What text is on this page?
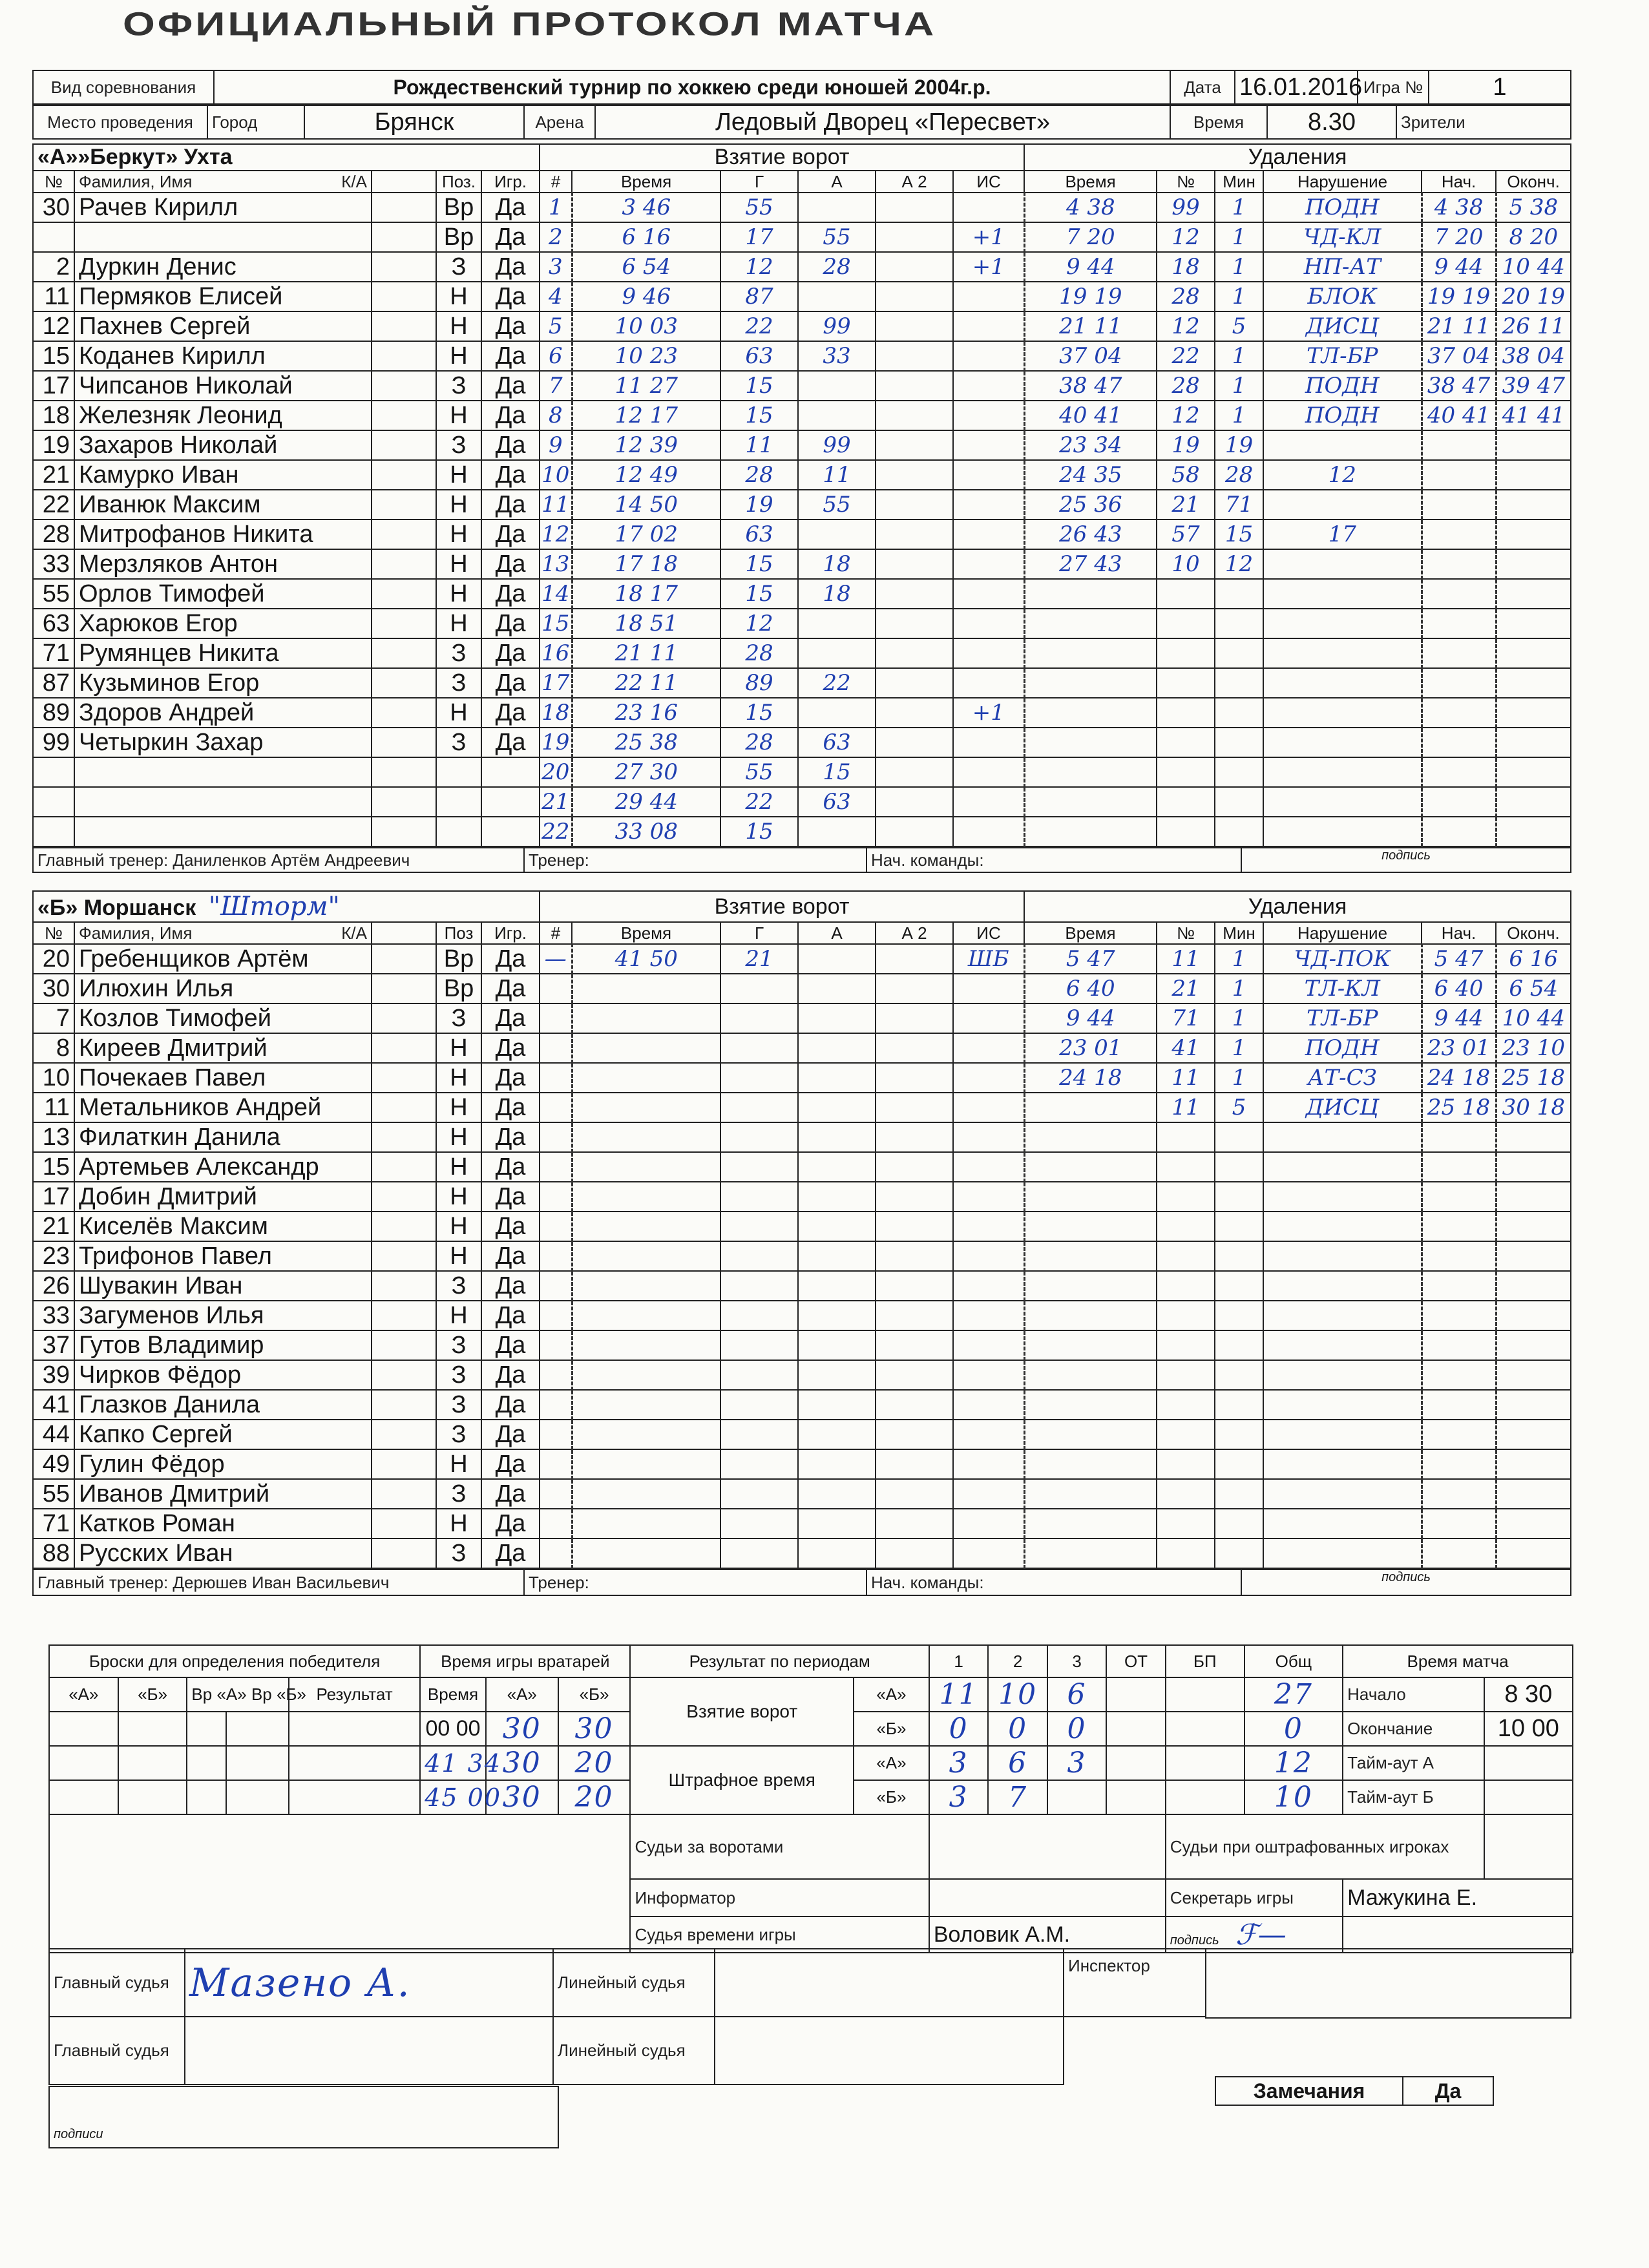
ОФИЦИАЛЬНЫЙ ПРОТОКОЛ МАТЧА
Вид соревнования	Рождественский турнир по хоккею среди юношей 2004г.р.	Дата	16.01.2016	Игра №	1
Место проведения	Город	Брянск	Арена	Ледовый Дворец «Пересвет»	Время	8.30	Зрители
«А»»Беркут» Ухта					Взятие ворот						Удаления					
№	Фамилия, Имя К/А		Поз.	Игр.	#	Время	Г	А	А 2	ИС	Время	№	Мин	Нарушение	Нач.	Оконч.
30	Рачев Кирилл		Вр	Да	1	3 46	55				4 38	99	1	ПОДН	4 38	5 38
			Вр	Да	2	6 16	17	55		+1	7 20	12	1	ЧД-КЛ	7 20	8 20
2	Дуркин Денис		З	Да	3	6 54	12	28		+1	9 44	18	1	НП-АТ	9 44	10 44
11	Пермяков Елисей		Н	Да	4	9 46	87				19 19	28	1	БЛОК	19 19	20 19
12	Пахнев Сергей		Н	Да	5	10 03	22	99			21 11	12	5	ДИСЦ	21 11	26 11
15	Коданев Кирилл		Н	Да	6	10 23	63	33			37 04	22	1	ТЛ-БР	37 04	38 04
17	Чипсанов Николай		З	Да	7	11 27	15				38 47	28	1	ПОДН	38 47	39 47
18	Железняк Леонид		Н	Да	8	12 17	15				40 41	12	1	ПОДН	40 41	41 41
19	Захаров Николай		З	Да	9	12 39	11	99			23 34	19	19			
21	Камурко Иван		Н	Да	10	12 49	28	11			24 35	58	28	12		
22	Иванюк Максим		Н	Да	11	14 50	19	55			25 36	21	71			
28	Митрофанов Никита		Н	Да	12	17 02	63				26 43	57	15	17		
33	Мерзляков Антон		Н	Да	13	17 18	15	18			27 43	10	12			
55	Орлов Тимофей		Н	Да	14	18 17	15	18								
63	Харюков Егор		Н	Да	15	18 51	12									
71	Румянцев Никита		З	Да	16	21 11	28									
87	Кузьминов Егор		З	Да	17	22 11	89	22								
89	Здоров Андрей		Н	Да	18	23 16	15			+1						
99	Четыркин Захар		З	Да	19	25 38	28	63								
					20	27 30	55	15								
					21	29 44	22	63								
					22	33 08	15									
Главный тренер: Даниленков Артём Андреевич	Тренер:	Нач. команды:	подпись
«Б» Моршанск "Шторм"					Взятие ворот						Удаления					
№	Фамилия, Имя К/А		Поз	Игр.	#	Время	Г	А	А 2	ИС	Время	№	Мин	Нарушение	Нач.	Оконч.
20	Гребенщиков Артём		Вр	Да	—	41 50	21			ШБ	5 47	11	1	ЧД-ПОК	5 47	6 16
30	Илюхин Илья		Вр	Да							6 40	21	1	ТЛ-КЛ	6 40	6 54
7	Козлов Тимофей		З	Да							9 44	71	1	ТЛ-БР	9 44	10 44
8	Киреев Дмитрий		Н	Да							23 01	41	1	ПОДН	23 01	23 10
10	Почекаев Павел		Н	Да							24 18	11	1	АТ-СЗ	24 18	25 18
11	Метальников Андрей		Н	Да								11	5	ДИСЦ	25 18	30 18
13	Филаткин Данила		Н	Да												
15	Артемьев Александр		Н	Да												
17	Добин Дмитрий		Н	Да												
21	Киселёв Максим		Н	Да												
23	Трифонов Павел		Н	Да												
26	Шувакин Иван		З	Да												
33	Загуменов Илья		Н	Да												
37	Гутов Владимир		З	Да												
39	Чирков Фёдор		З	Да												
41	Глазков Данила		З	Да												
44	Капко Сергей		З	Да												
49	Гулин Фёдор		Н	Да												
55	Иванов Дмитрий		З	Да												
71	Катков Роман		Н	Да												
88	Русских Иван		З	Да												
Главный тренер: Дерюшев Иван Васильевич	Тренер:	Нач. команды:	подпись
Броски для определения победителя					Время игры вратарей			Результат по периодам		1	2	3	ОТ	БП	Общ	Время матча	
«А»	«Б»	Вр «А» Вр «Б»		Результат	Время	«А»	«Б»	Взятие ворот	«А»	11	10	6			27	Начало	8 30
					00 00	30	30		«Б»	0	0	0			0	Окончание	10 00
					41 34	30	20	Штрафное время	«А»	3	6	3			12	Тайм-аут А	
					45 00	30	20		«Б»	3	7				10	Тайм-аут Б	
								Судьи за воротами						Судьи при оштрафованных игроках			
								Информатор						Секретарь игры		Мажукина Е.	
								Судья времени игры		Воловик А.М.				подпись ℱ—			
Главный судья	Мазено А.	Линейный судья		Инспектор
Главный судья		Линейный судья		
подписи
Замечания	Да
